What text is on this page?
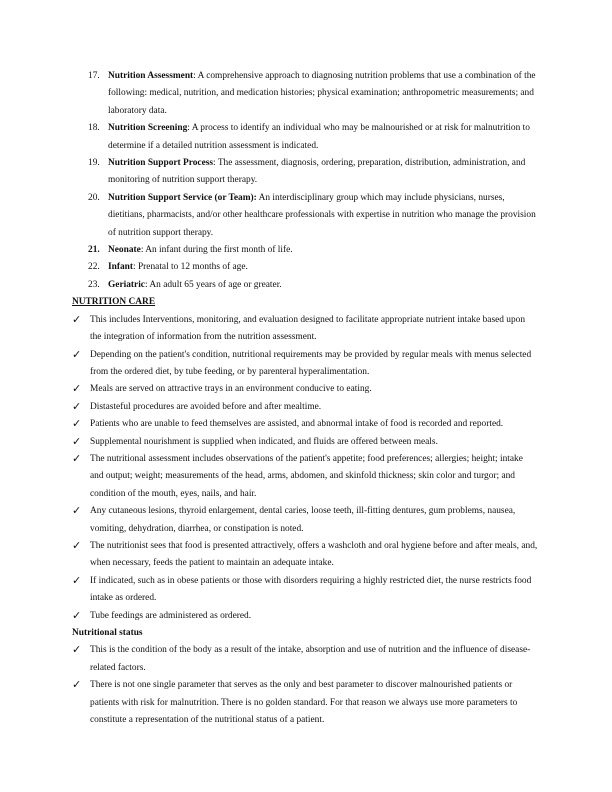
17. Nutrition Assessment: A comprehensive approach to diagnosing nutrition problems that use a combination of the following: medical, nutrition, and medication histories; physical examination; anthropometric measurements; and laboratory data.
18. Nutrition Screening: A process to identify an individual who may be malnourished or at risk for malnutrition to determine if a detailed nutrition assessment is indicated.
19. Nutrition Support Process: The assessment, diagnosis, ordering, preparation, distribution, administration, and monitoring of nutrition support therapy.
20. Nutrition Support Service (or Team): An interdisciplinary group which may include physicians, nurses, dietitians, pharmacists, and/or other healthcare professionals with expertise in nutrition who manage the provision of nutrition support therapy.
21. Neonate: An infant during the first month of life.
22. Infant: Prenatal to 12 months of age.
23. Geriatric: An adult 65 years of age or greater.
NUTRITION CARE
✓ This includes Interventions, monitoring, and evaluation designed to facilitate appropriate nutrient intake based upon the integration of information from the nutrition assessment.
✓ Depending on the patient's condition, nutritional requirements may be provided by regular meals with menus selected from the ordered diet, by tube feeding, or by parenteral hyperalimentation.
✓ Meals are served on attractive trays in an environment conducive to eating.
✓ Distasteful procedures are avoided before and after mealtime.
✓ Patients who are unable to feed themselves are assisted, and abnormal intake of food is recorded and reported.
✓ Supplemental nourishment is supplied when indicated, and fluids are offered between meals.
✓ The nutritional assessment includes observations of the patient's appetite; food preferences; allergies; height; intake and output; weight; measurements of the head, arms, abdomen, and skinfold thickness; skin color and turgor; and condition of the mouth, eyes, nails, and hair.
✓ Any cutaneous lesions, thyroid enlargement, dental caries, loose teeth, ill-fitting dentures, gum problems, nausea, vomiting, dehydration, diarrhea, or constipation is noted.
✓ The nutritionist sees that food is presented attractively, offers a washcloth and oral hygiene before and after meals, and, when necessary, feeds the patient to maintain an adequate intake.
✓ If indicated, such as in obese patients or those with disorders requiring a highly restricted diet, the nurse restricts food intake as ordered.
✓ Tube feedings are administered as ordered.
Nutritional status
✓ This is the condition of the body as a result of the intake, absorption and use of nutrition and the influence of disease-related factors.
✓ There is not one single parameter that serves as the only and best parameter to discover malnourished patients or patients with risk for malnutrition. There is no golden standard. For that reason we always use more parameters to constitute a representation of the nutritional status of a patient.
